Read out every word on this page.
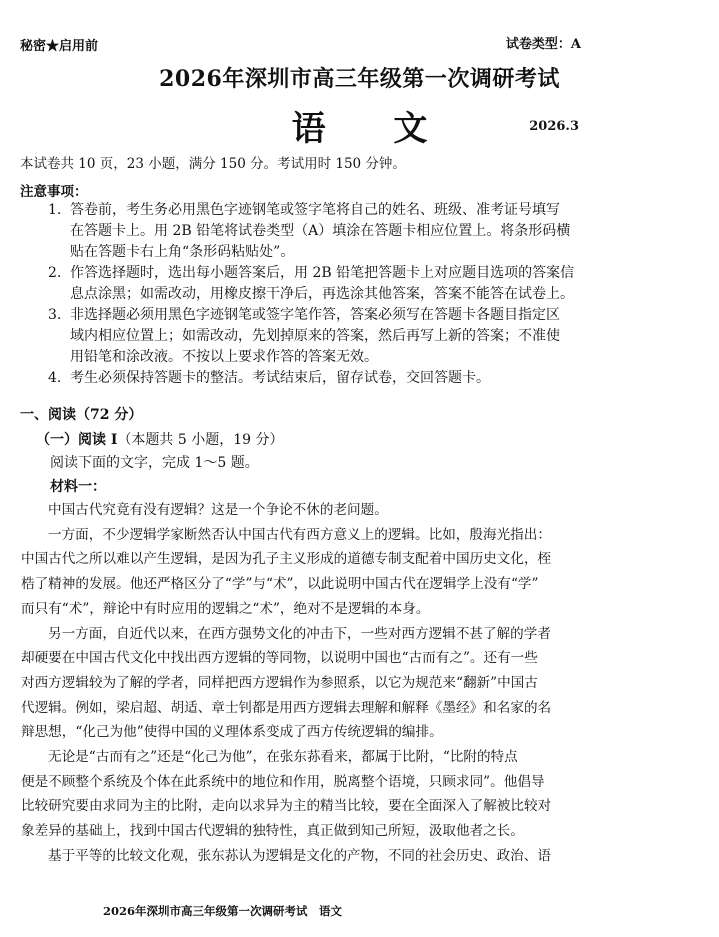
秘密★启用前	试卷类型：A
2026年深圳市高三年级第一次调研考试
语 文	2026.3
本试卷共 10 页，23 小题，满分 150 分。考试用时 150 分钟。
注意事项：
1. 答卷前，考生务必用黑色字迹钢笔或签字笔将自己的姓名、班级、准考证号填写
在答题卡上。用 2B 铅笔将试卷类型（A）填涂在答题卡相应位置上。将条形码横
贴在答题卡右上角“条形码粘贴处”。
2. 作答选择题时，选出每小题答案后，用 2B 铅笔把答题卡上对应题目选项的答案信
息点涂黑；如需改动，用橡皮擦干净后，再选涂其他答案，答案不能答在试卷上。
3. 非选择题必须用黑色字迹钢笔或签字笔作答，答案必须写在答题卡各题目指定区
域内相应位置上；如需改动，先划掉原来的答案，然后再写上新的答案；不准使
用铅笔和涂改液。不按以上要求作答的答案无效。
4. 考生必须保持答题卡的整洁。考试结束后，留存试卷，交回答题卡。
一、阅读（72 分）
（一）阅读 I（本题共 5 小题，19 分）
阅读下面的文字，完成 1～5 题。
材料一：
中国古代究竟有没有逻辑？这是一个争论不休的老问题。
一方面，不少逻辑学家断然否认中国古代有西方意义上的逻辑。比如，殷海光指出：
中国古代之所以难以产生逻辑，是因为孔子主义形成的道德专制支配着中国历史文化，桎
梏了精神的发展。他还严格区分了“学”与“术”，以此说明中国古代在逻辑学上没有“学”
而只有“术”，辩论中有时应用的逻辑之“术”，绝对不是逻辑的本身。
另一方面，自近代以来，在西方强势文化的冲击下，一些对西方逻辑不甚了解的学者
却硬要在中国古代文化中找出西方逻辑的等同物，以说明中国也“古而有之”。还有一些
对西方逻辑较为了解的学者，同样把西方逻辑作为参照系，以它为规范来“翻新”中国古
代逻辑。例如，梁启超、胡适、章士钊都是用西方逻辑去理解和解释《墨经》和名家的名
辩思想，“化己为他”使得中国的义理体系变成了西方传统逻辑的编排。
无论是“古而有之”还是“化己为他”，在张东荪看来，都属于比附，“比附的特点
便是不顾整个系统及个体在此系统中的地位和作用，脱离整个语境，只顾求同”。他倡导
比较研究要由求同为主的比附，走向以求异为主的精当比较，要在全面深入了解被比较对
象差异的基础上，找到中国古代逻辑的独特性，真正做到知己所短，汲取他者之长。
基于平等的比较文化观，张东荪认为逻辑是文化的产物，不同的社会历史、政治、语
2026年深圳市高三年级第一次调研考试　语文
